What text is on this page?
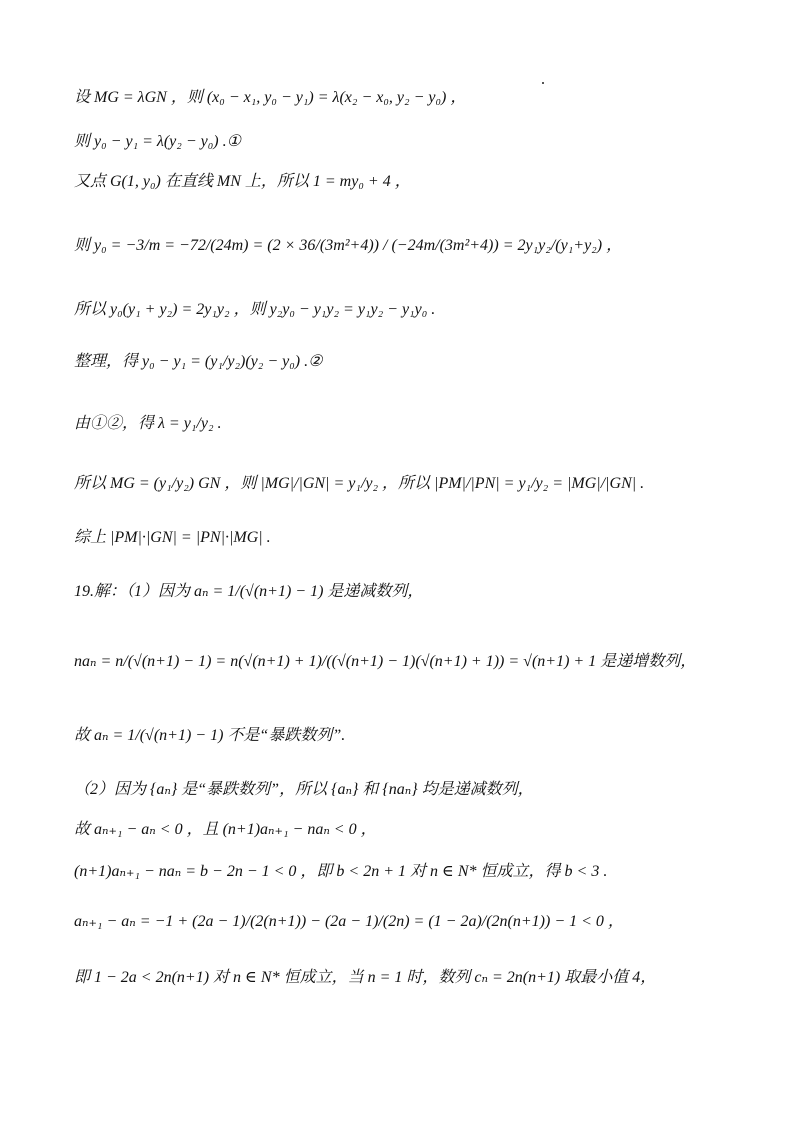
设 MG = λGN ，则 (x₀ − x₁, y₀ − y₁) = λ(x₂ − x₀, y₂ − y₀) ，
则 y₀ − y₁ = λ(y₂ − y₀) .①
又点 G(1, y₀) 在直线 MN 上，所以 1 = my₀ + 4 ，
则 y₀ = −3/m = −72/(24m) = (2 × 36/(3m²+4)) / (−24m/(3m²+4)) = 2y₁y₂/(y₁+y₂) ，
所以 y₀(y₁ + y₂) = 2y₁y₂ ，则 y₂y₀ − y₁y₂ = y₁y₂ − y₁y₀ .
整理，得 y₀ − y₁ = (y₁/y₂)(y₂ − y₀) .②
由①②，得 λ = y₁/y₂ .
所以 MG = (y₁/y₂) GN ，则 |MG|/|GN| = y₁/y₂ ，所以 |PM|/|PN| = y₁/y₂ = |MG|/|GN| .
综上 |PM|·|GN| = |PN|·|MG| .
19.解：（1）因为 aₙ = 1/(√(n+1) − 1) 是递减数列，
naₙ = n/(√(n+1) − 1) = n(√(n+1) + 1)/((√(n+1) − 1)(√(n+1) + 1)) = √(n+1) + 1 是递增数列，
故 aₙ = 1/(√(n+1) − 1) 不是“暴跌数列”.
（2）因为 {aₙ} 是“暴跌数列”，所以 {aₙ} 和 {naₙ} 均是递减数列，
故 aₙ₊₁ − aₙ < 0 ，且 (n+1)aₙ₊₁ − naₙ < 0 ，
(n+1)aₙ₊₁ − naₙ = b − 2n − 1 < 0 ，即 b < 2n + 1 对 n ∈ N* 恒成立，得 b < 3 .
aₙ₊₁ − aₙ = −1 + (2a − 1)/(2(n+1)) − (2a − 1)/(2n) = (1 − 2a)/(2n(n+1)) − 1 < 0 ，
即 1 − 2a < 2n(n+1) 对 n ∈ N* 恒成立，当 n = 1 时，数列 cₙ = 2n(n+1) 取最小值 4，
